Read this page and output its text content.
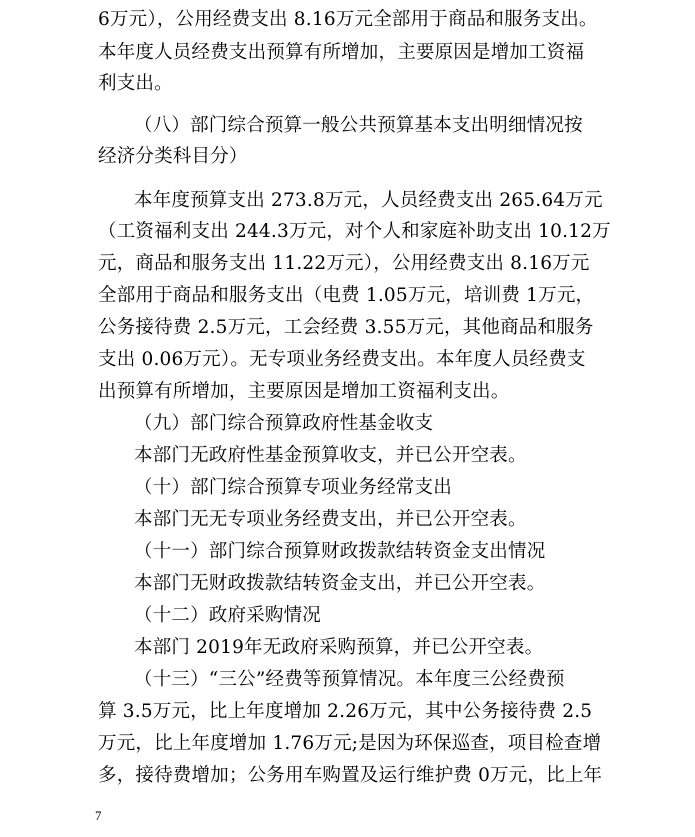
6万元），公用经费支出 8.16万元全部用于商品和服务支出。
本年度人员经费支出预算有所增加，主要原因是增加工资福
利支出。
（八）部门综合预算一般公共预算基本支出明细情况按
经济分类科目分）
本年度预算支出 273.8万元，人员经费支出 265.64万元
（工资福利支出 244.3万元，对个人和家庭补助支出 10.12万
元，商品和服务支出 11.22万元），公用经费支出 8.16万元
全部用于商品和服务支出（电费 1.05万元，培训费 1万元，
公务接待费 2.5万元，工会经费 3.55万元，其他商品和服务
支出 0.06万元）。无专项业务经费支出。本年度人员经费支
出预算有所增加，主要原因是增加工资福利支出。
（九）部门综合预算政府性基金收支
本部门无政府性基金预算收支，并已公开空表。
（十）部门综合预算专项业务经常支出
本部门无无专项业务经费支出，并已公开空表。
（十一）部门综合预算财政拨款结转资金支出情况
本部门无财政拨款结转资金支出，并已公开空表。
（十二）政府采购情况
本部门 2019年无政府采购预算，并已公开空表。
（十三）“三公”经费等预算情况。本年度三公经费预
算 3.5万元，比上年度增加 2.26万元，其中公务接待费 2.5
万元，比上年度增加 1.76万元;是因为环保巡查，项目检查增
多，接待费增加；公务用车购置及运行维护费 0万元，比上年
7
